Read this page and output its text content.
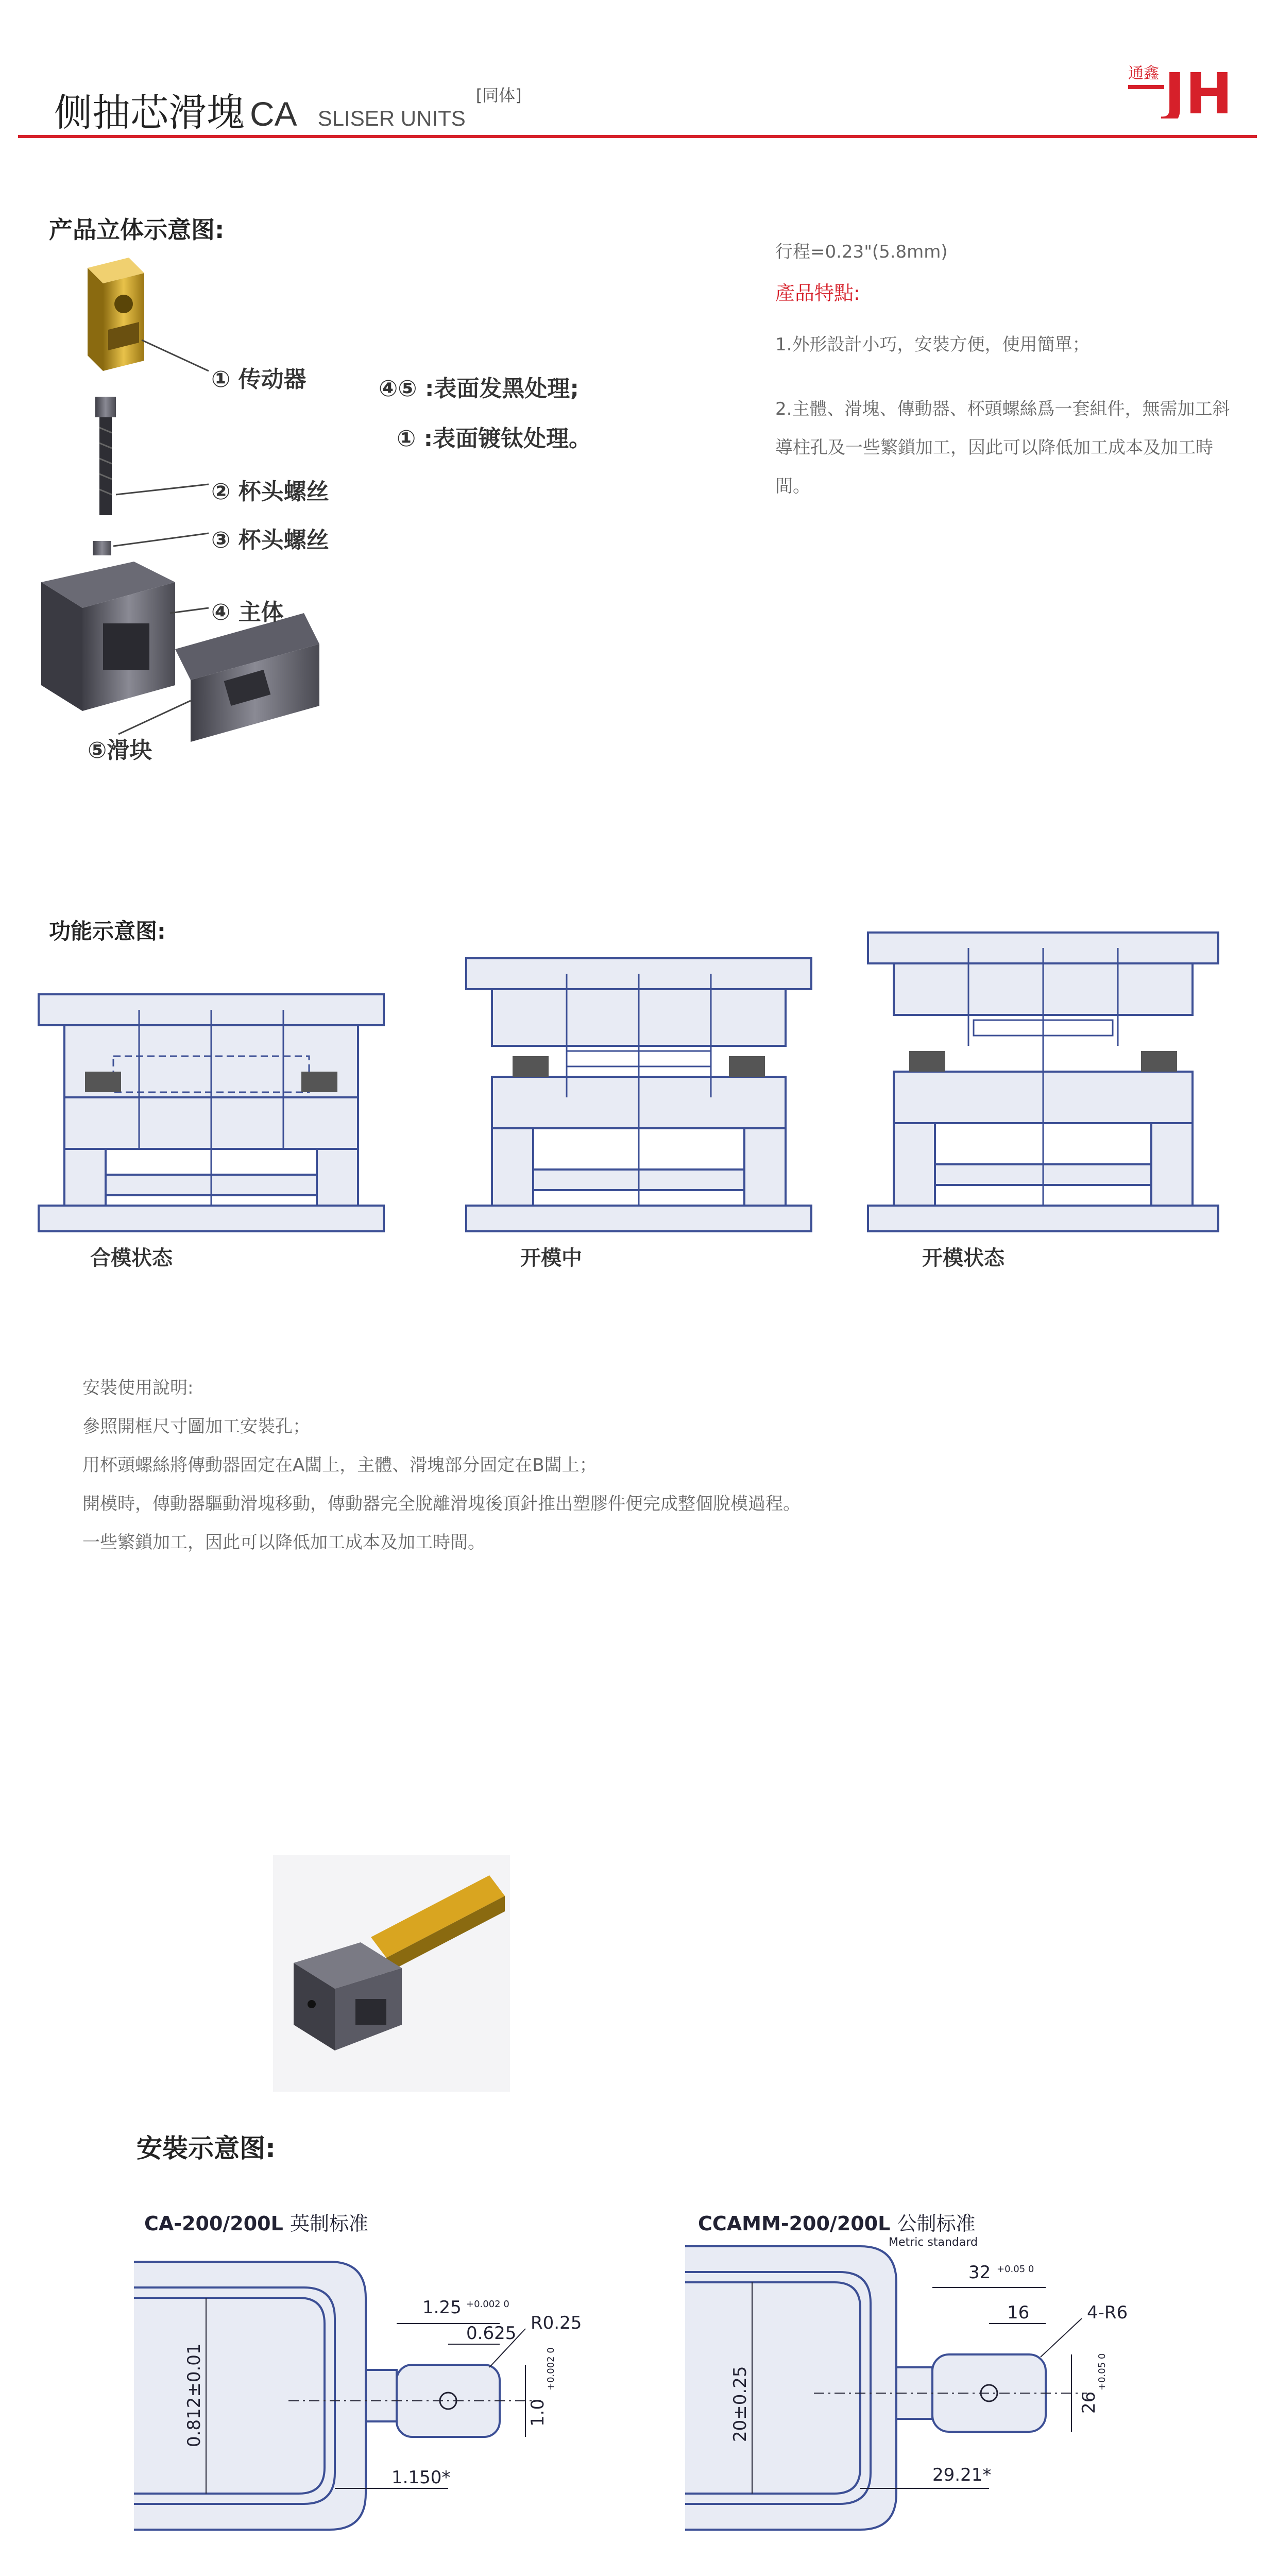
侧抽芯滑塊 CA SLISER UNITS[同体]
通鑫 JH
产品立体示意图:
① 传动器
② 杯头螺丝
③ 杯头螺丝
④ 主体
⑤滑块
④⑤ :表面发黑处理;
① :表面镀钛处理。
行程=0.23"(5.8mm)
產品特點:
1.外形設計小巧，安裝方便，使用簡單；
2.主體、滑塊、傳動器、杯頭螺絲爲一套組件，無需加工斜
導柱孔及一些繁鎖加工，因此可以降低加工成本及加工時
間。
功能示意图:
合模状态	开模中	开模状态
安裝使用說明:
參照開框尺寸圖加工安裝孔；
用杯頭螺絲將傳動器固定在A闆上，主體、滑塊部分固定在B闆上；
開模時，傳動器驅動滑塊移動，傳動器完全脫離滑塊後頂針推出塑膠件便完成整個脫模過程。
一些繁鎖加工，因此可以降低加工成本及加工時間。
安裝示意图:
CA-200/200L 英制标准	CCAMM-200/200L 公制标准
Metric standard
1.25 +0.002 0
0.625 R0.25
1.0
+0.002 0
0.812±0.01
1.150*
32 +0.05 0
16	4-R6
26
+0.05 0
20±0.25
29.21*
